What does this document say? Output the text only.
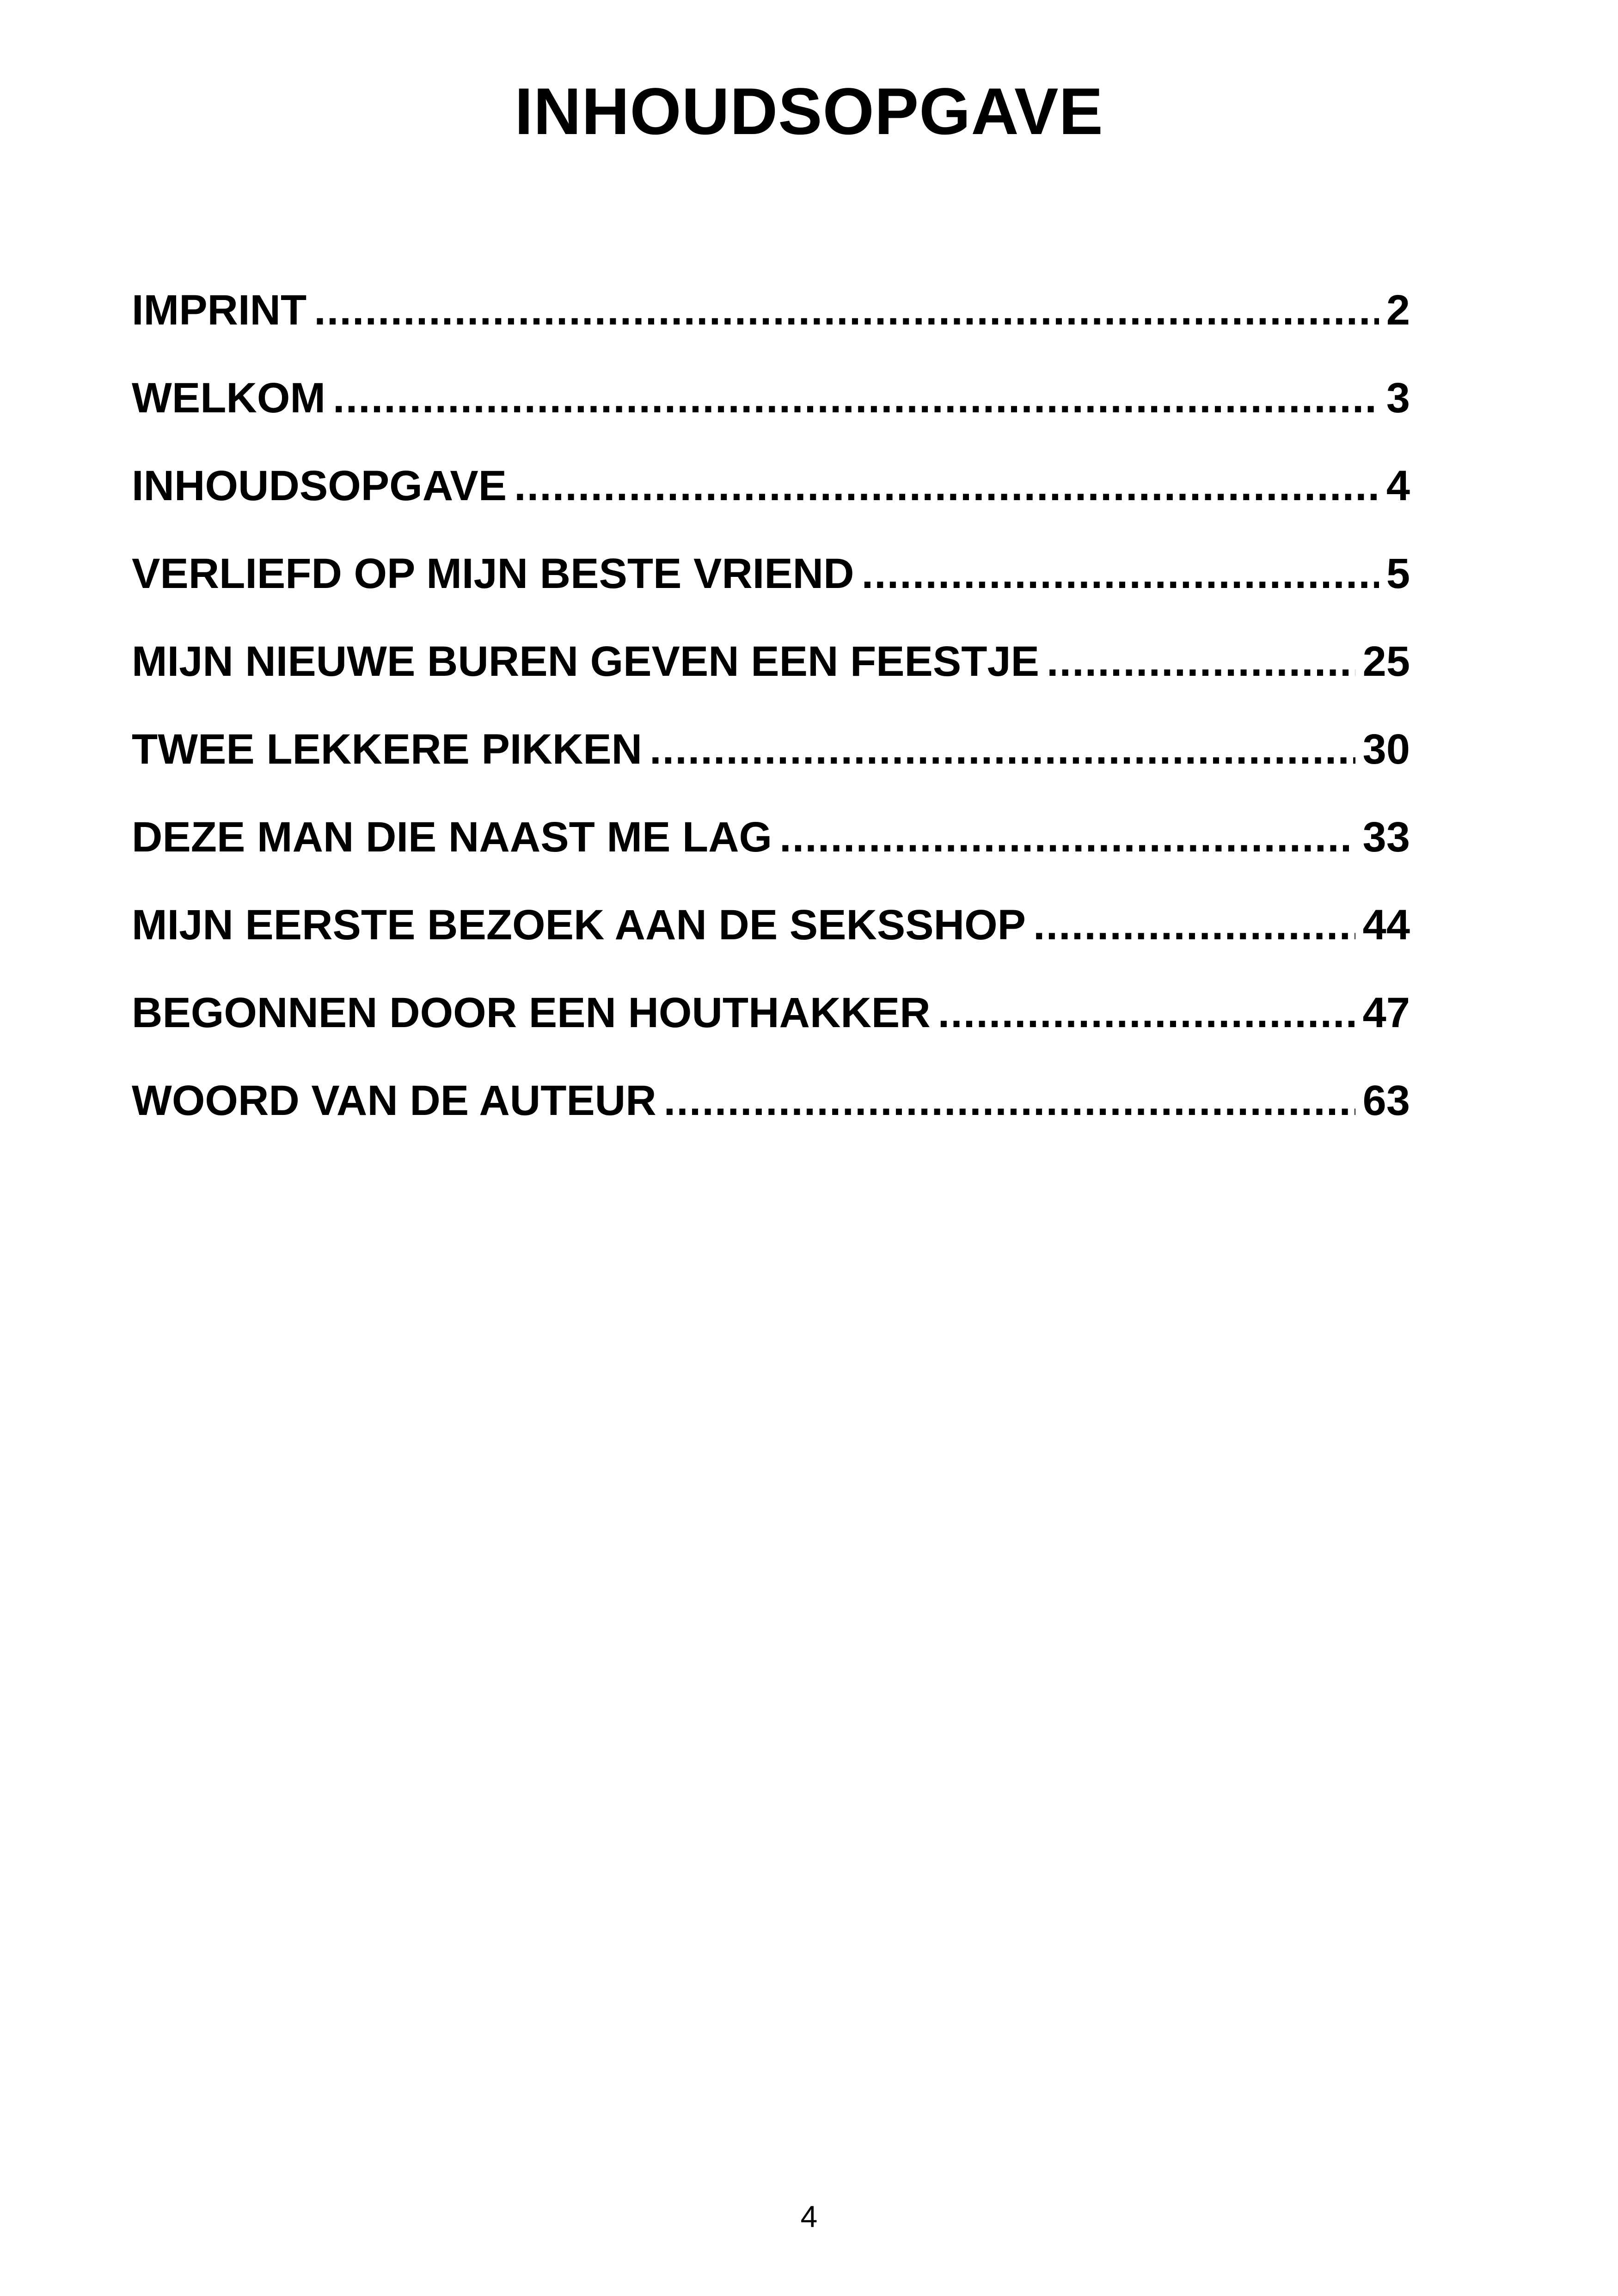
INHOUDSOPGAVE
IMPRINT .....	2
WELKOM .....	3
INHOUDSOPGAVE .....	4
VERLIEFD OP MIJN BESTE VRIEND .....	5
MIJN NIEUWE BUREN GEVEN EEN FEESTJE .....	25
TWEE LEKKERE PIKKEN .....	30
DEZE MAN DIE NAAST ME LAG .....	33
MIJN EERSTE BEZOEK AAN DE SEKSSHOP .....	44
BEGONNEN DOOR EEN HOUTHAKKER .....	47
WOORD VAN DE AUTEUR .....	63
4
